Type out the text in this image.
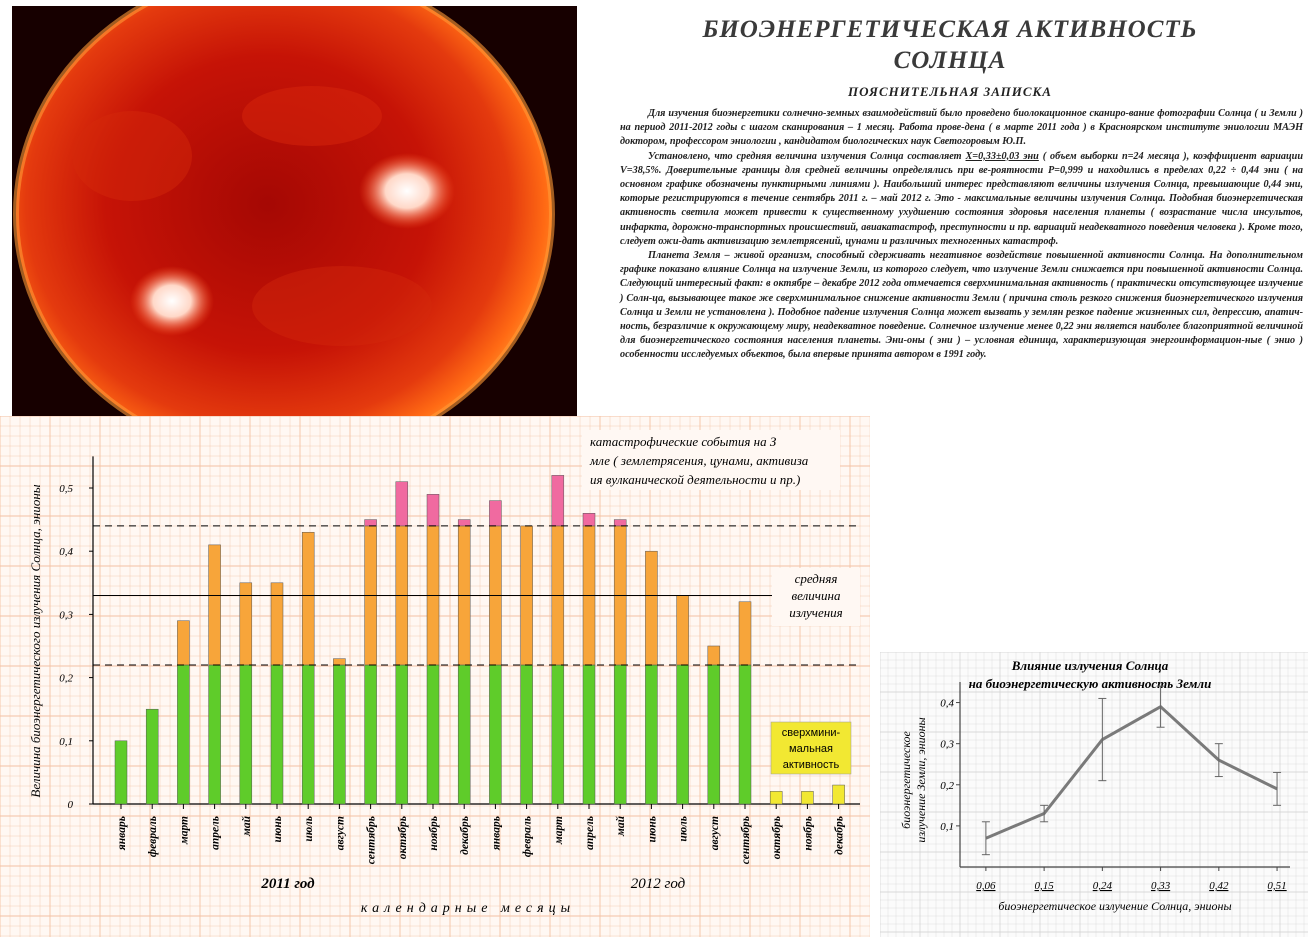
БИОЭНЕРГЕТИЧЕСКАЯ АКТИВНОСТЬ
СОЛНЦА
ПОЯСНИТЕЛЬНАЯ ЗАПИСКА

Для изучения биоэнергетики солнечно-земных взаимодействий было проведено биолокационное сканиро-вание фотографии Солнца ( и Земли ) на период 2011-2012 годы с шагом сканирования – 1 месяц. Работа прове-дена ( в марте 2011 года ) в Красноярском институте эниологии МАЭН доктором, профессором эниологии , кандидатом биологических наук Светогоровым Ю.П.

Установлено, что средняя величина излучения Солнца составляет Х=0,33±0,03 эни ( объем выборки n=24 месяца ), коэффициент вариации V=38,5%. Доверительные границы для средней величины определялись при ве-роятности Р=0,999 и находились в пределах 0,22 ÷ 0,44 эни ( на основном графике обозначены пунктирными линиями ). Наибольший интерес представляют величины излучения Солнца, превышающие 0,44 эни, которые регистрируются в течение сентябрь 2011 г. – май 2012 г. Это - максимальные величины излучения Солнца. Подобная биоэнергетическая активность светила может привести к существенному ухудшению состояния здоровья населения планеты ( возрастание числа инсультов, инфаркта, дорожно-транспортных происшествий, авиакатастроф, преступности и пр. вариаций неадекватного поведения человека ). Кроме того, следует ожи-дать активизацию землетрясений, цунами и различных техногенных катастроф.

Планета Земля – живой организм, способный сдерживать негативное воздействие повышенной активности Солнца. На дополнительном графике показано влияние Солнца на излучение Земли, из которого следует, что излучение Земли снижается при повышенной активности Солнца. Следующий интересный факт: в октябре – декабре 2012 года отмечается сверхминимальная активность ( практически отсутствующее излучение ) Солн-ца, вызывающее такое же сверхминимальное снижение активности Земли ( причина столь резкого снижения биоэнергетического излучения Солнца и Земли не установлена ). Подобное падение излучения Солнца может вызвать у землян резкое падение жизненных сил, депрессию, апатич-ность, безразличие к окружающему миру, неадекватное поведение. Солнечное излучение менее 0,22 эни является наиболее благоприятной величиной для биоэнергетического состояния населения планеты. Эни-оны ( эни ) – условная единица, характеризующая энергоинформацион-ные ( эниo ) особенности исследуемых объектов, была впервые принята автором в 1991 году.

0
0,1
0,2
0,3
0,4
0,5
январь февраль март апрель май июнь июль август сентябрь октябрь ноябрь декабрь январь февраль март апрель май июнь июль август сентябрь октябрь ноябрь декабрь
Величина биоэнергетического излучения Солнца, энионы
катастрофические события на З мле ( землетрясения, цунами, активиза ия вулканической деятельности и пр.)
средняя величина излучения
сверхмини-мальная активность
2011 год	2012 год
календарные месяцы
Влияние излучения Солнца на биоэнергетическую активность Земли
0,1
0,2
0,3
0,4
0,06	0,15	0,24	0,33	0,42	0,51
биоэнергетическое излучение Солнца, энионы
биоэнергетическоеизлучение Земли, энионы
